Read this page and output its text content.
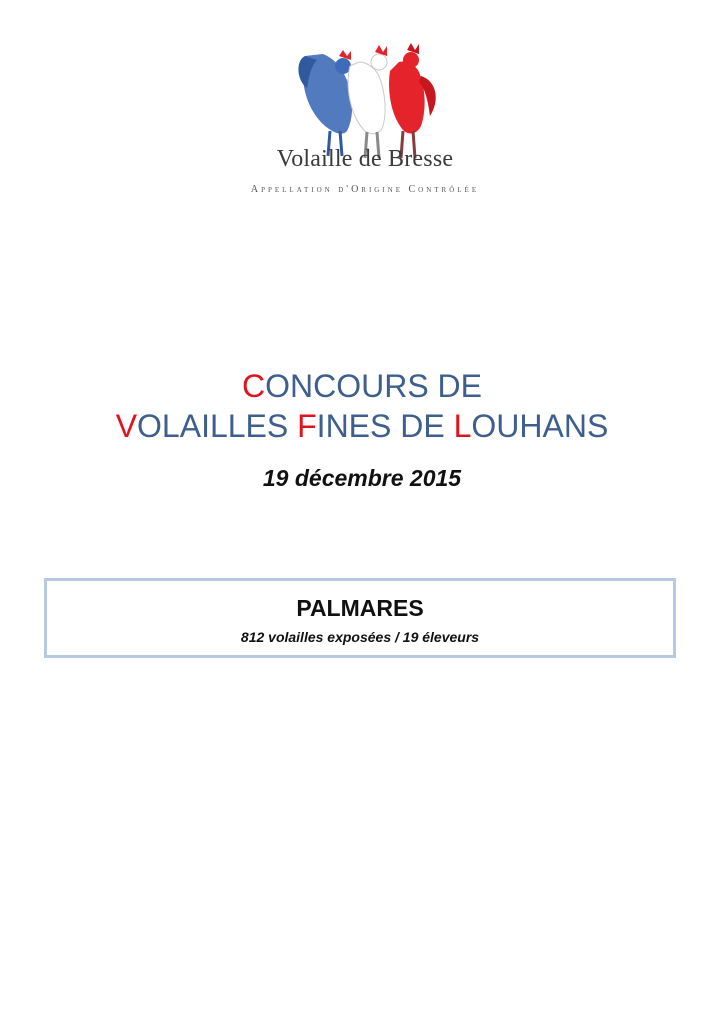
Volaille de Bresse
Appellation d'Origine Contrôlée
CONCOURS DE
VOLAILLES FINES DE LOUHANS
19 décembre 2015
PALMARES
812 volailles exposées / 19 éleveurs
